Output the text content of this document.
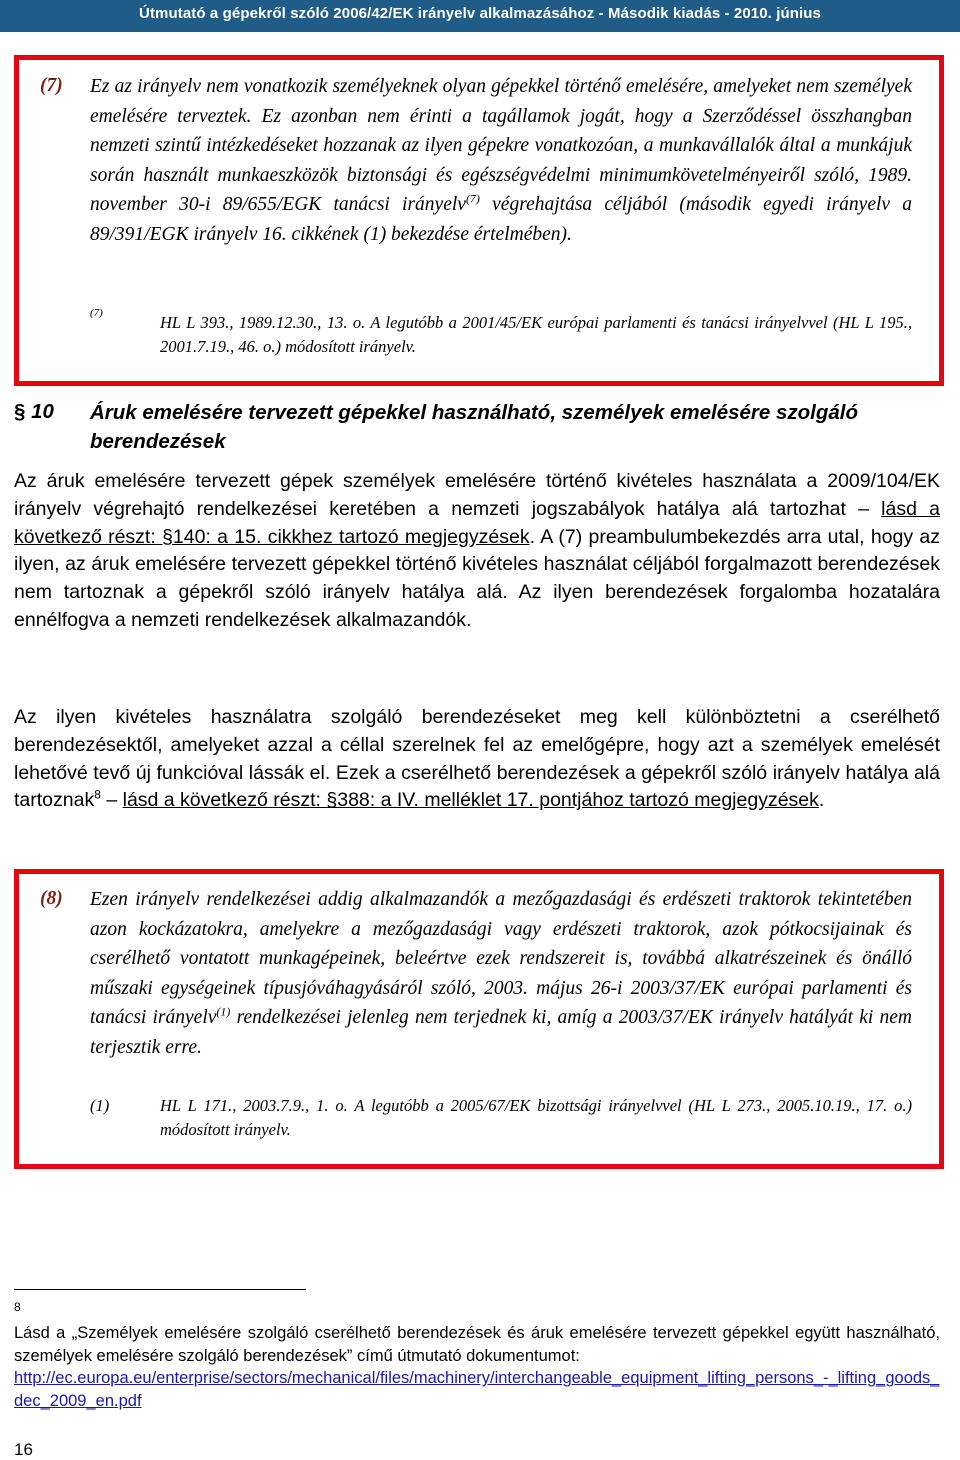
Útmutató a gépekről szóló 2006/42/EK irányelv alkalmazásához - Második kiadás - 2010. június
(7) Ez az irányelv nem vonatkozik személyeknek olyan gépekkel történő emelésére, amelyeket nem személyek emelésére terveztek. Ez azonban nem érinti a tagállamok jogát, hogy a Szerződéssel összhangban nemzeti szintű intézkedéseket hozzanak az ilyen gépekre vonatkozóan, a munkavállalók által a munkájuk során használt munkaeszközök biztonsági és egészségvédelmi minimumkövetelményeiről szóló, 1989. november 30-i 89/655/EGK tanácsi irányelv$^{(7)}$ végrehajtása céljából (második egyedi irányelv a 89/391/EGK irányelv 16. cikkének (1) bekezdése értelmében).
(7)	HL L 393., 1989.12.30., 13. o. A legutóbb a 2001/45/EK európai parlamenti és tanácsi irányelvvel (HL L 195., 2001.7.19., 46. o.) módosított irányelv.
§ 10 Áruk emelésére tervezett gépekkel használható, személyek emelésére szolgáló berendezések
Az áruk emelésére tervezett gépek személyek emelésére történő kivételes használata a 2009/104/EK irányelv végrehajtó rendelkezései keretében a nemzeti jogszabályok hatálya alá tartozhat – lásd a következő részt: §140: a 15. cikkhez tartozó megjegyzések. A (7) preambulumbekezdés arra utal, hogy az ilyen, az áruk emelésére tervezett gépekkel történő kivételes használat céljából forgalmazott berendezések nem tartoznak a gépekről szóló irányelv hatálya alá. Az ilyen berendezések forgalomba hozatalára ennélfogva a nemzeti rendelkezések alkalmazandók.
Az ilyen kivételes használatra szolgáló berendezéseket meg kell különböztetni a cserélhető berendezésektől, amelyeket azzal a céllal szerelnek fel az emelőgépre, hogy azt a személyek emelését lehetővé tevő új funkcióval lássák el. Ezek a cserélhető berendezések a gépekről szóló irányelv hatálya alá tartoznak$^8$ – lásd a következő részt: §388: a IV. melléklet 17. pontjához tartozó megjegyzések.
(8) Ezen irányelv rendelkezései addig alkalmazandók a mezőgazdasági és erdészeti traktorok tekintetében azon kockázatokra, amelyekre a mezőgazdasági vagy erdészeti traktorok, azok pótkocsijainak és cserélhető vontatott munkagépeinek, beleértve ezek rendszereit is, továbbá alkatrészeinek és önálló műszaki egységeinek típusjóváhagyásáról szóló, 2003. május 26-i 2003/37/EK európai parlamenti és tanácsi irányelv$^{(1)}$ rendelkezései jelenleg nem terjednek ki, amíg a 2003/37/EK irányelv hatályát ki nem terjesztik erre.
(1)	HL L 171., 2003.7.9., 1. o. A legutóbb a 2005/67/EK bizottsági irányelvvel (HL L 273., 2005.10.19., 17. o.) módosított irányelv.
$^8$
Lásd a „Személyek emelésére szolgáló cserélhető berendezések és áruk emelésére tervezett gépekkel együtt használható, személyek emelésére szolgáló berendezések” című útmutató dokumentumot:
http://ec.europa.eu/enterprise/sectors/mechanical/files/machinery/interchangeable_equipment_lifting_persons_-_lifting_goods_dec_2009_en.pdf
16
